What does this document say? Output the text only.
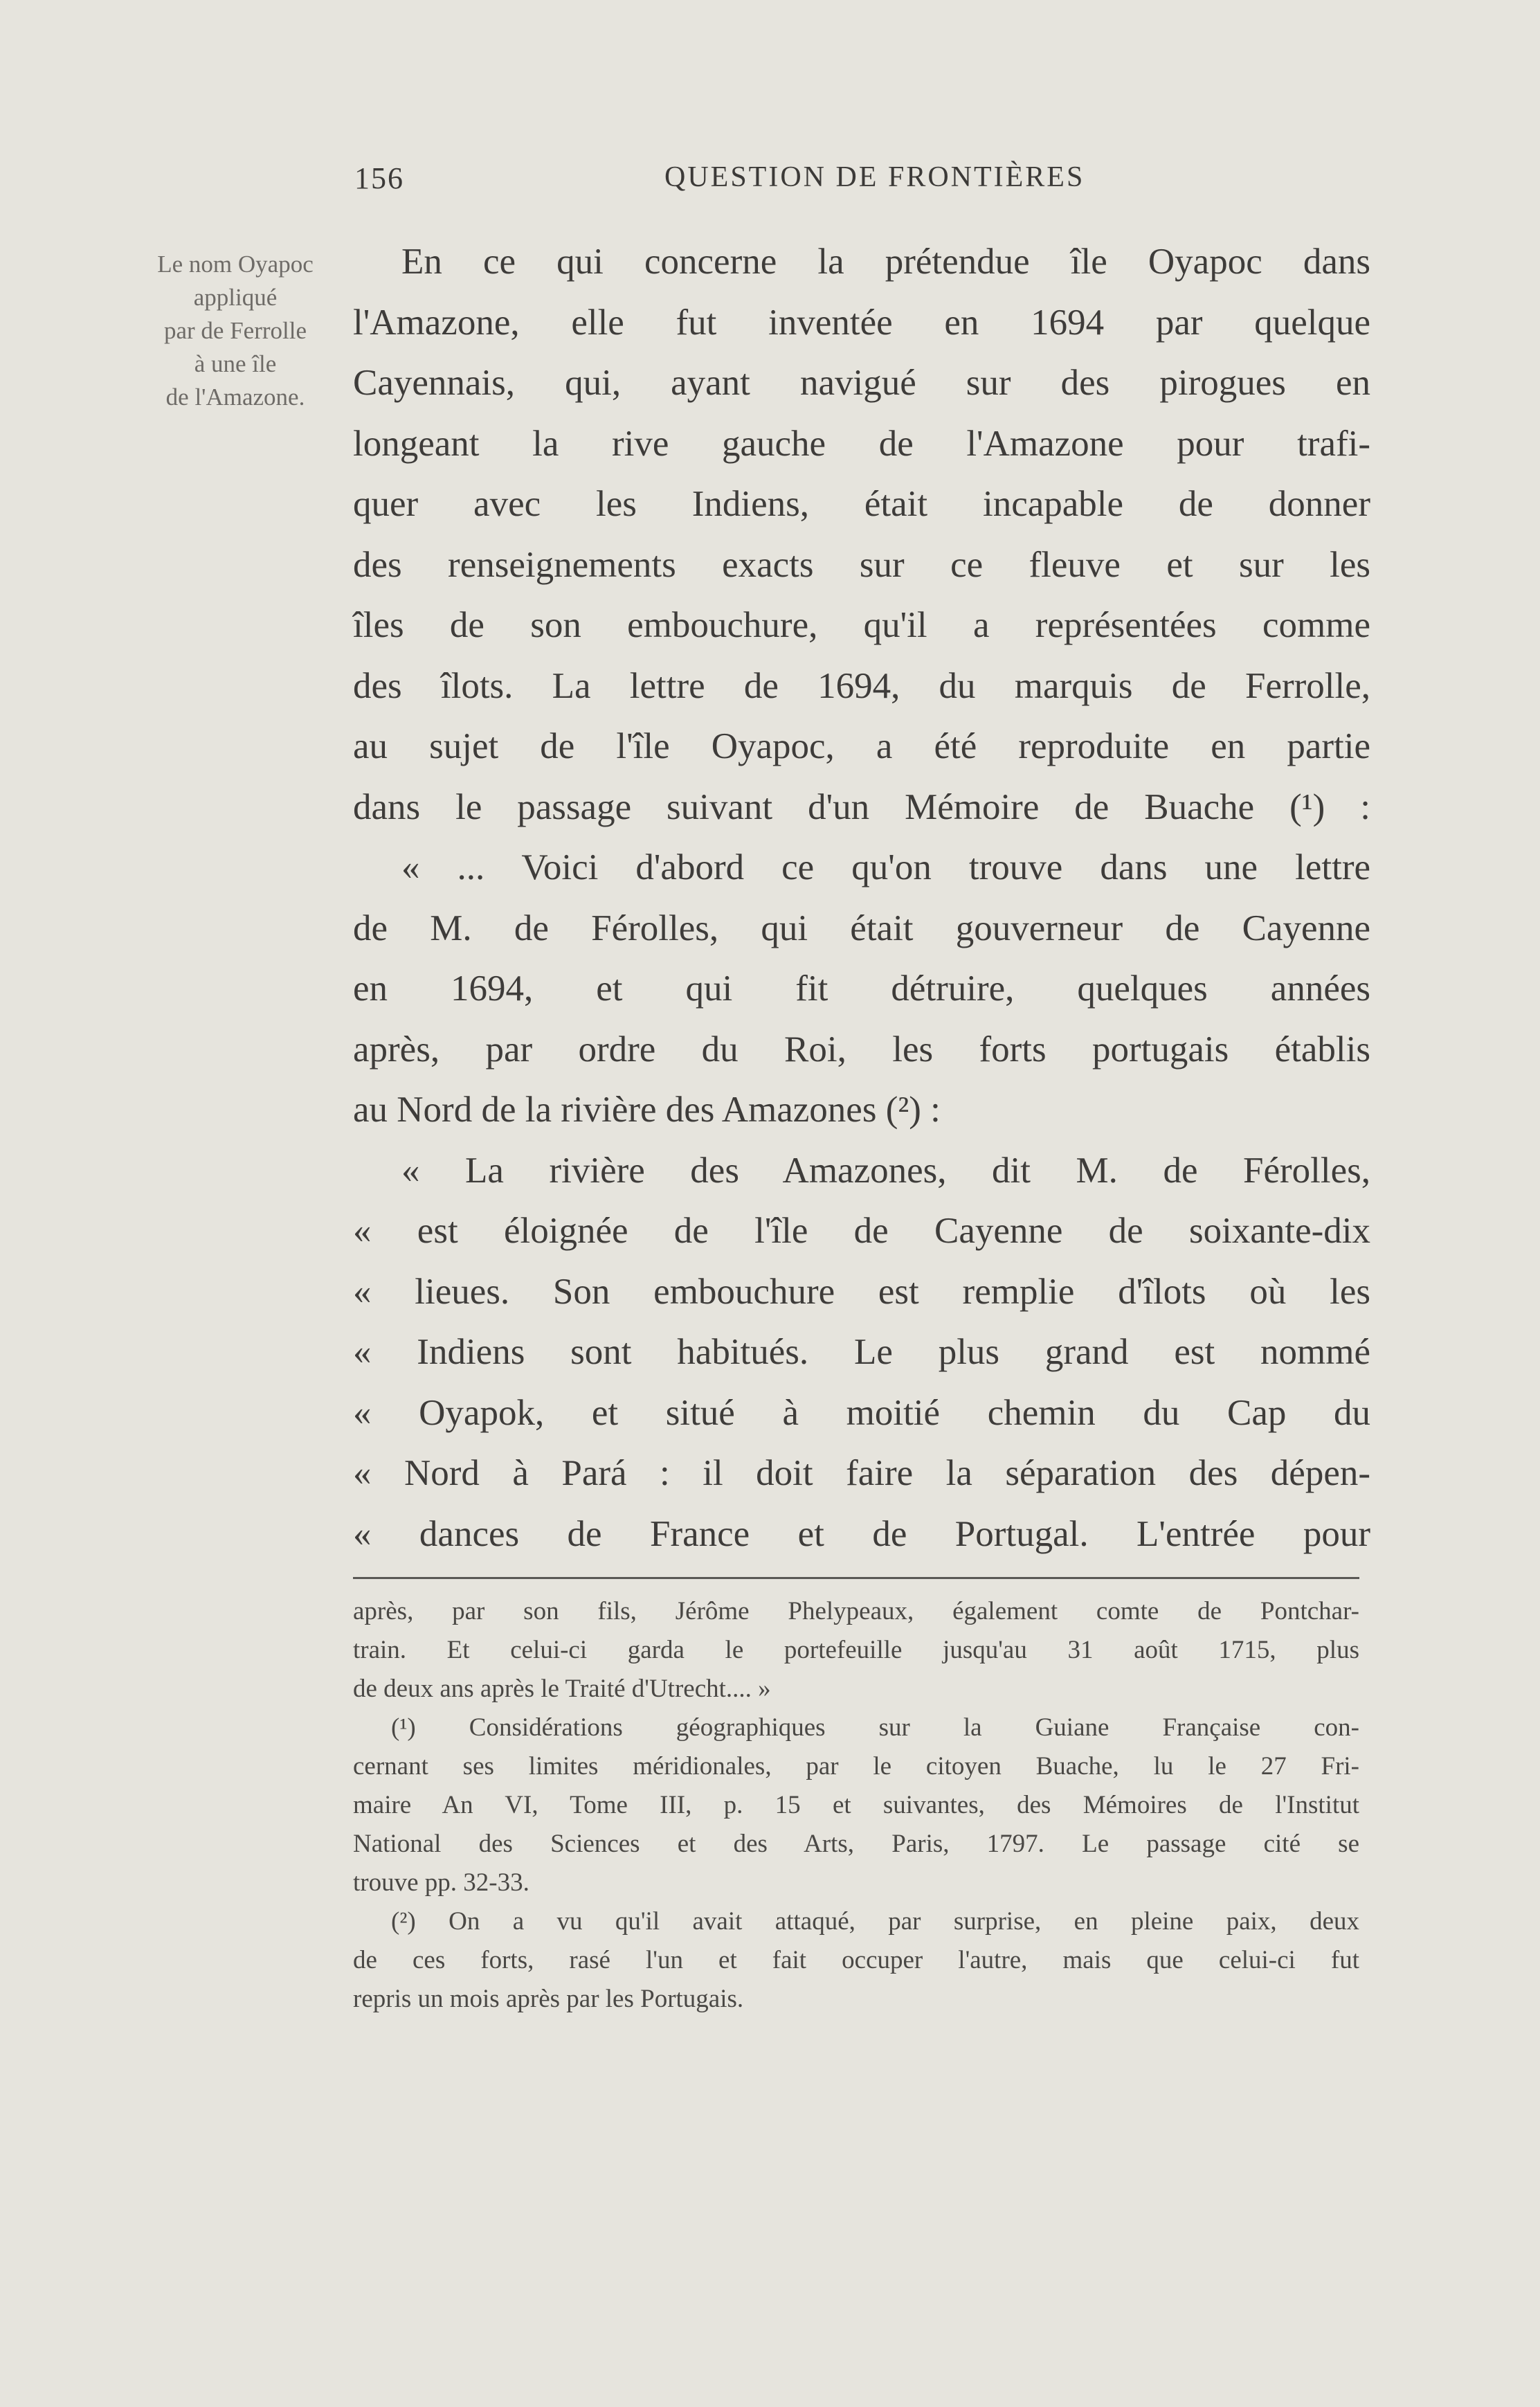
156	QUESTION DE FRONTIÈRES
Le nom Oyapoc
appliqué
par de Ferrolle
à une île
de l'Amazone.
En ce qui concerne la prétendue île Oyapoc dans
l'Amazone, elle fut inventée en 1694 par quelque
Cayennais, qui, ayant navigué sur des pirogues en
longeant la rive gauche de l'Amazone pour trafi-
quer avec les Indiens, était incapable de donner
des renseignements exacts sur ce fleuve et sur les
îles de son embouchure, qu'il a représentées comme
des îlots. La lettre de 1694, du marquis de Ferrolle,
au sujet de l'île Oyapoc, a été reproduite en partie
dans le passage suivant d'un Mémoire de Buache (¹) :
« ... Voici d'abord ce qu'on trouve dans une lettre
de M. de Férolles, qui était gouverneur de Cayenne
en 1694, et qui fit détruire, quelques années
après, par ordre du Roi, les forts portugais établis
au Nord de la rivière des Amazones (²) :
« La rivière des Amazones, dit M. de Férolles,
« est éloignée de l'île de Cayenne de soixante-dix
« lieues. Son embouchure est remplie d'îlots où les
« Indiens sont habitués. Le plus grand est nommé
« Oyapok, et situé à moitié chemin du Cap du
« Nord à Pará : il doit faire la séparation des dépen-
« dances de France et de Portugal. L'entrée pour
après, par son fils, Jérôme Phelypeaux, également comte de Pontchar-
train. Et celui-ci garda le portefeuille jusqu'au 31 août 1715, plus
de deux ans après le Traité d'Utrecht.... »
(¹) Considérations géographiques sur la Guiane Française con-
cernant ses limites méridionales, par le citoyen Buache, lu le 27 Fri-
maire An VI, Tome III, p. 15 et suivantes, des Mémoires de l'Institut
National des Sciences et des Arts, Paris, 1797. Le passage cité se
trouve pp. 32-33.
(²) On a vu qu'il avait attaqué, par surprise, en pleine paix, deux
de ces forts, rasé l'un et fait occuper l'autre, mais que celui-ci fut
repris un mois après par les Portugais.
